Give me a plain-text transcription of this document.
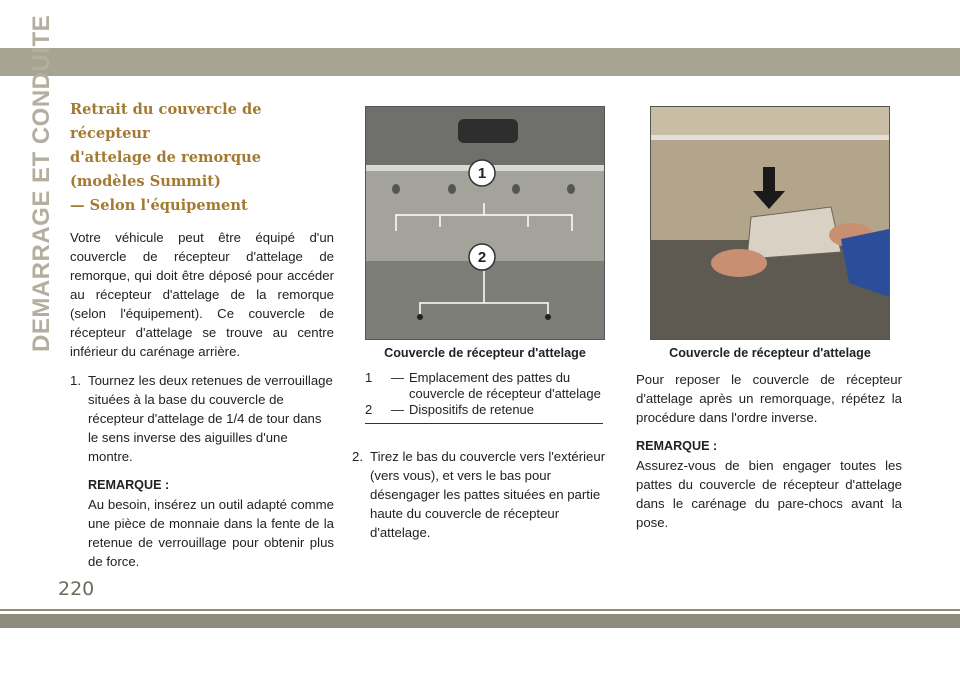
DEMARRAGE ET CONDUITE Retrait du couvercle de récepteur
d'attelage de remorque (modèles Summit)
— Selon l'équipement

Votre véhicule peut être équipé d'un couvercle de récepteur d'attelage de remorque, qui doit être déposé pour accéder au récepteur d'attelage de la remorque (selon l'équipement). Ce couvercle de récepteur d'attelage se trouve au centre inférieur du carénage arrière.

1. Tournez les deux retenues de verrouillage situées à la base du couvercle de récepteur d'attelage de 1/4 de tour dans le sens inverse des aiguilles d'une montre.
REMARQUE :

Au besoin, insérez un outil adapté comme une pièce de monnaie dans la fente de la retenue de verrouillage pour obtenir plus de force.

1
2
Couvercle de récepteur d'attelage	Couvercle de récepteur d'attelage
1	— Emplacement des pattes du couvercle de récepteur d'attelage
2	— Dispositifs de retenue
2. Tirez le bas du couvercle vers l'extérieur (vers vous), et vers le bas pour désengager les pattes situées en partie haute du couvercle de récepteur d'attelage.

Pour reposer le couvercle de récepteur d'attelage après un remorquage, répétez la procédure dans l'ordre inverse.

REMARQUE :

Assurez-vous de bien engager toutes les pattes du couvercle de récepteur d'attelage dans le carénage du pare-chocs avant la pose.

220
